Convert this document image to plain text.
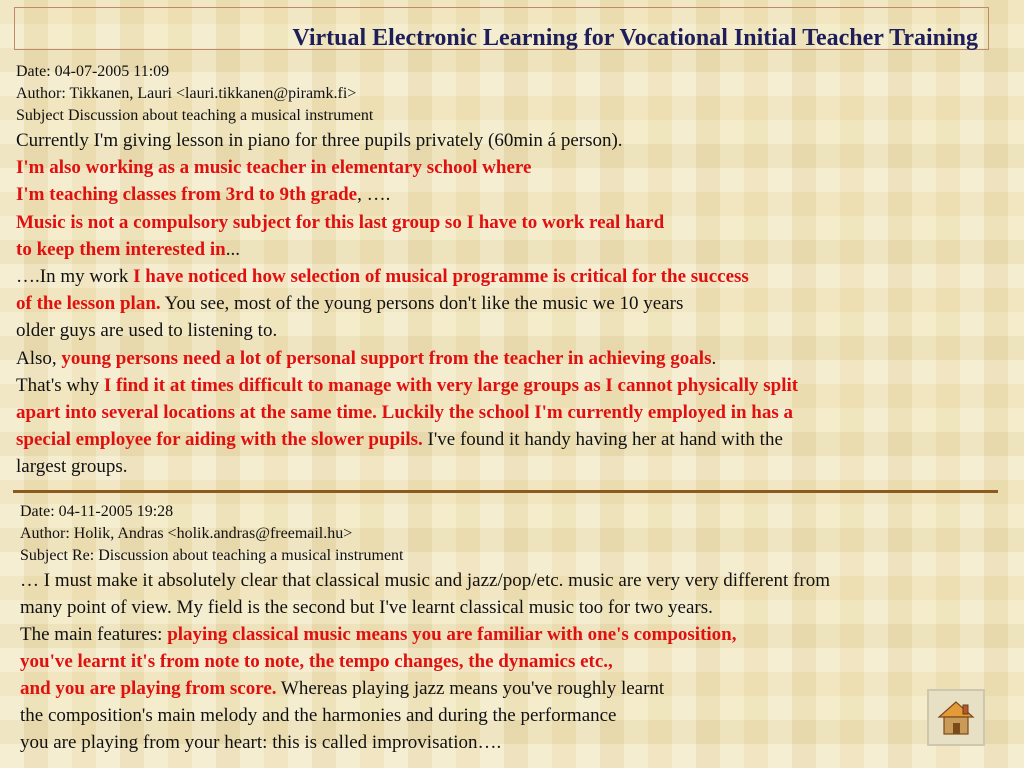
Virtual Electronic Learning for Vocational Initial Teacher Training
Date: 04-07-2005 11:09
Author: Tikkanen, Lauri <lauri.tikkanen@piramk.fi>
Subject Discussion about teaching a musical instrument
Currently I'm giving lesson in piano for three pupils privately (60min á person).
I'm also working as a music teacher in elementary school where
I'm teaching classes from 3rd to 9th grade, ….
Music is not a compulsory subject for this last group so I have to work real hard
to keep them interested in...
….In my work I have noticed how selection of musical programme is critical for the success
of the lesson plan. You see, most of the young persons don't like the music we 10 years
older guys are used to listening to.
Also, young persons need a lot of personal support from the teacher in achieving goals.
That's why I find it at times difficult to manage with very large groups as I cannot physically split
apart into several locations at the same time. Luckily the school I'm currently employed in has a
special employee for aiding with the slower pupils. I've found it handy having her at hand with the
largest groups.
Date: 04-11-2005 19:28
Author: Holik, Andras <holik.andras@freemail.hu>
Subject Re: Discussion about teaching a musical instrument
… I must make it absolutely clear that classical music and jazz/pop/etc. music are very very different from
many point of view. My field is the second but I've learnt classical music too for two years.
The main features: playing classical music means you are familiar with one's composition,
you've learnt it's from note to note, the tempo changes, the dynamics etc.,
and you are playing from score. Whereas playing jazz means you've roughly learnt
the composition's main melody and the harmonies and during the performance
you are playing from your heart: this is called improvisation….
